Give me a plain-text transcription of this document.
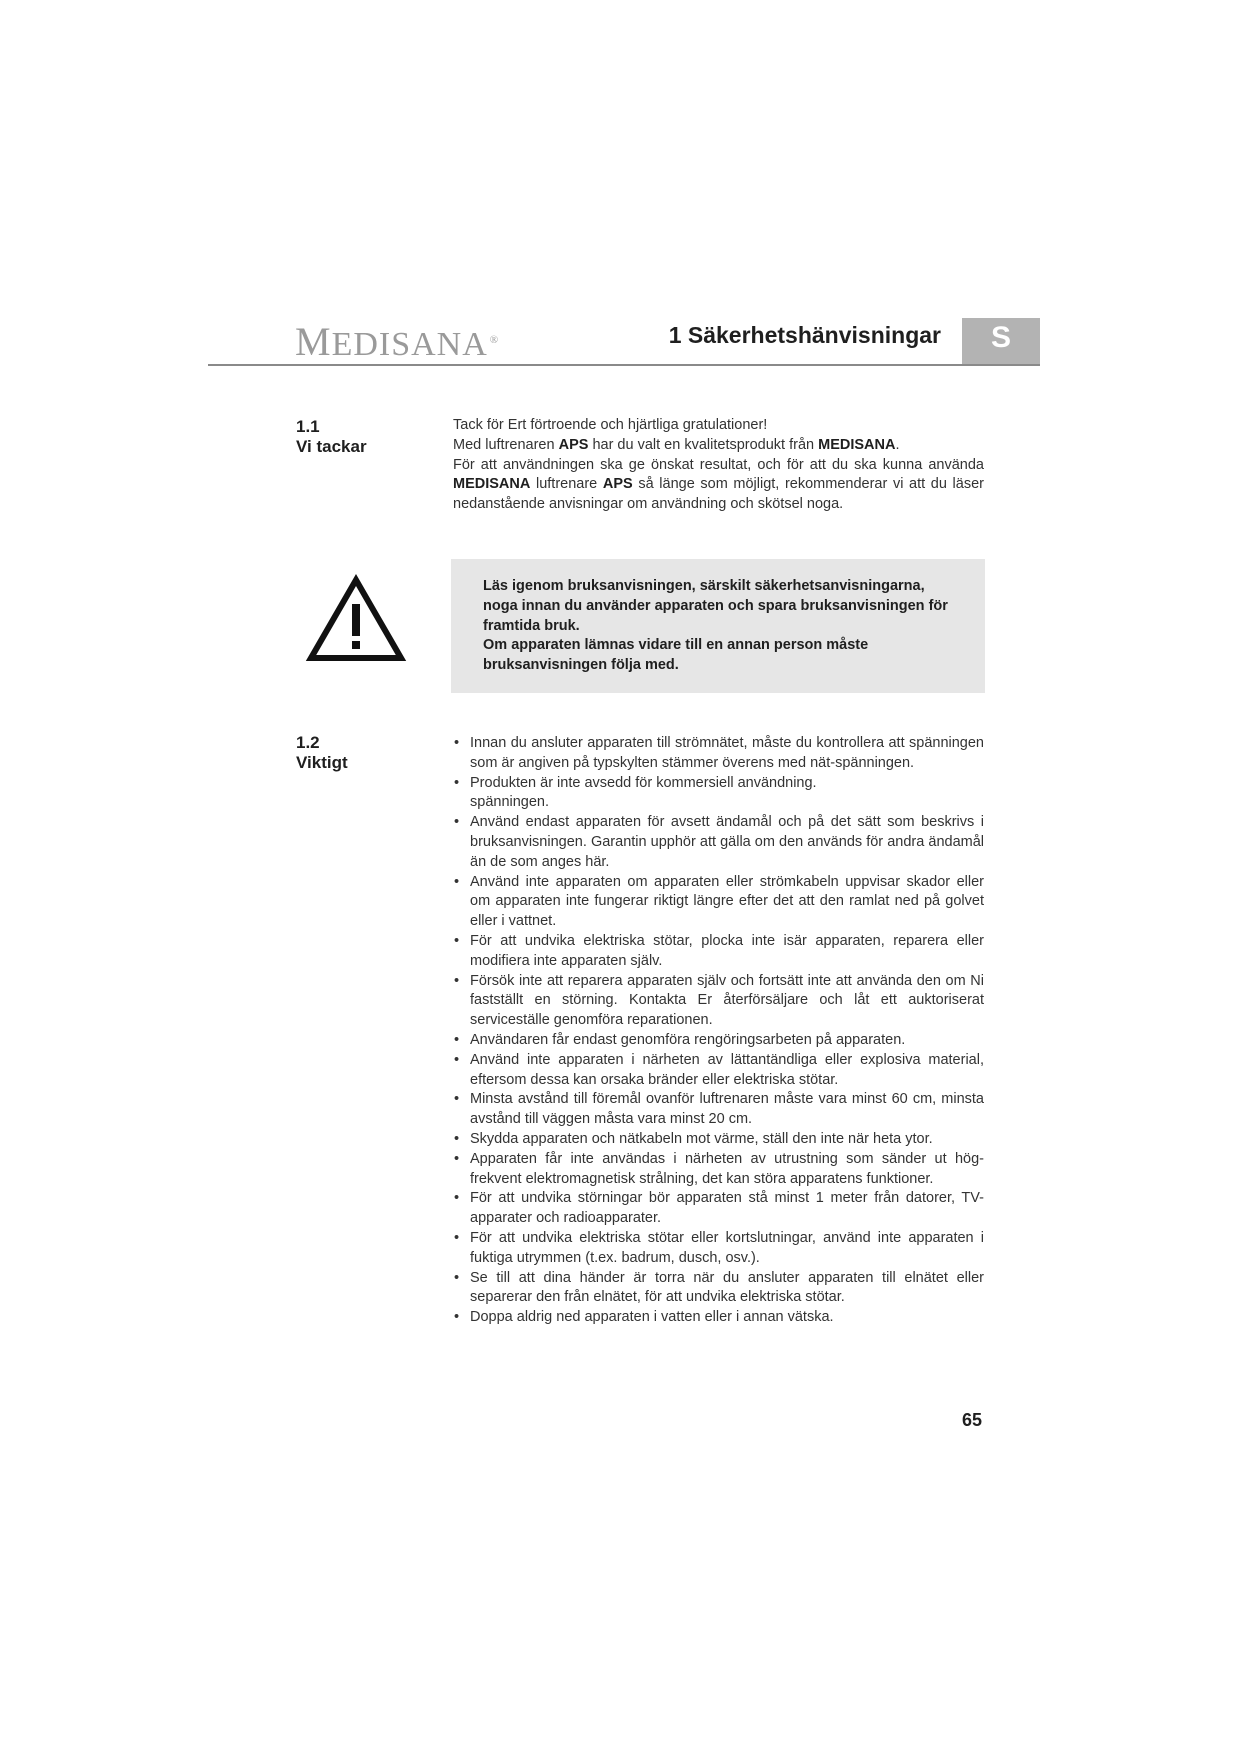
MEDISANA ®	1 Säkerhetshänvisningar	S
1.1
Vi tackar

Tack för Ert förtroende och hjärtliga gratulationer!

Med luftrenaren APS har du valt en kvalitetsprodukt från MEDISANA.

För att användningen ska ge önskat resultat, och för att du ska kunna använda MEDISANA luftrenare APS så länge som möjligt, rekommenderar vi att du läser nedanstående anvisningar om användning och skötsel noga.

Läs igenom bruksanvisningen, särskilt säkerhetsanvisningarna, noga innan du använder apparaten och spara bruksanvisningen för framtida bruk.

Om apparaten lämnas vidare till en annan person måste bruksanvisningen följa med.

1.2
Viktigt
• Innan du ansluter apparaten till strömnätet, måste du kontrollera att spänningen som är angiven på typskylten stämmer överens med nät-spänningen.
• Produkten är inte avsedd för kommersiell användning.
spänningen.
• Använd endast apparaten för avsett ändamål och på det sätt som beskrivs i bruksanvisningen. Garantin upphör att gälla om den används för andra ändamål än de som anges här.
• Använd inte apparaten om apparaten eller strömkabeln uppvisar skador eller om apparaten inte fungerar riktigt längre efter det att den ramlat ned på golvet eller i vattnet.
• För att undvika elektriska stötar, plocka inte isär apparaten, reparera eller modifiera inte apparaten själv.
• Försök inte att reparera apparaten själv och fortsätt inte att använda den om Ni fastställt en störning. Kontakta Er återförsäljare och låt ett auktoriserat serviceställe genomföra reparationen.
• Användaren får endast genomföra rengöringsarbeten på apparaten.
• Använd inte apparaten i närheten av lättantändliga eller explosiva material, eftersom dessa kan orsaka bränder eller elektriska stötar.
• Minsta avstånd till föremål ovanför luftrenaren måste vara minst 60 cm, minsta avstånd till väggen måsta vara minst 20 cm.
• Skydda apparaten och nätkabeln mot värme, ställ den inte när heta ytor.
• Apparaten får inte användas i närheten av utrustning som sänder ut hög-frekvent elektromagnetisk strålning, det kan störa apparatens funktioner.
• För att undvika störningar bör apparaten stå minst 1 meter från datorer, TV-apparater och radioapparater.
• För att undvika elektriska stötar eller kortslutningar, använd inte apparaten i fuktiga utrymmen (t.ex. badrum, dusch, osv.).
• Se till att dina händer är torra när du ansluter apparaten till elnätet eller separerar den från elnätet, för att undvika elektriska stötar.
• Doppa aldrig ned apparaten i vatten eller i annan vätska.
65
